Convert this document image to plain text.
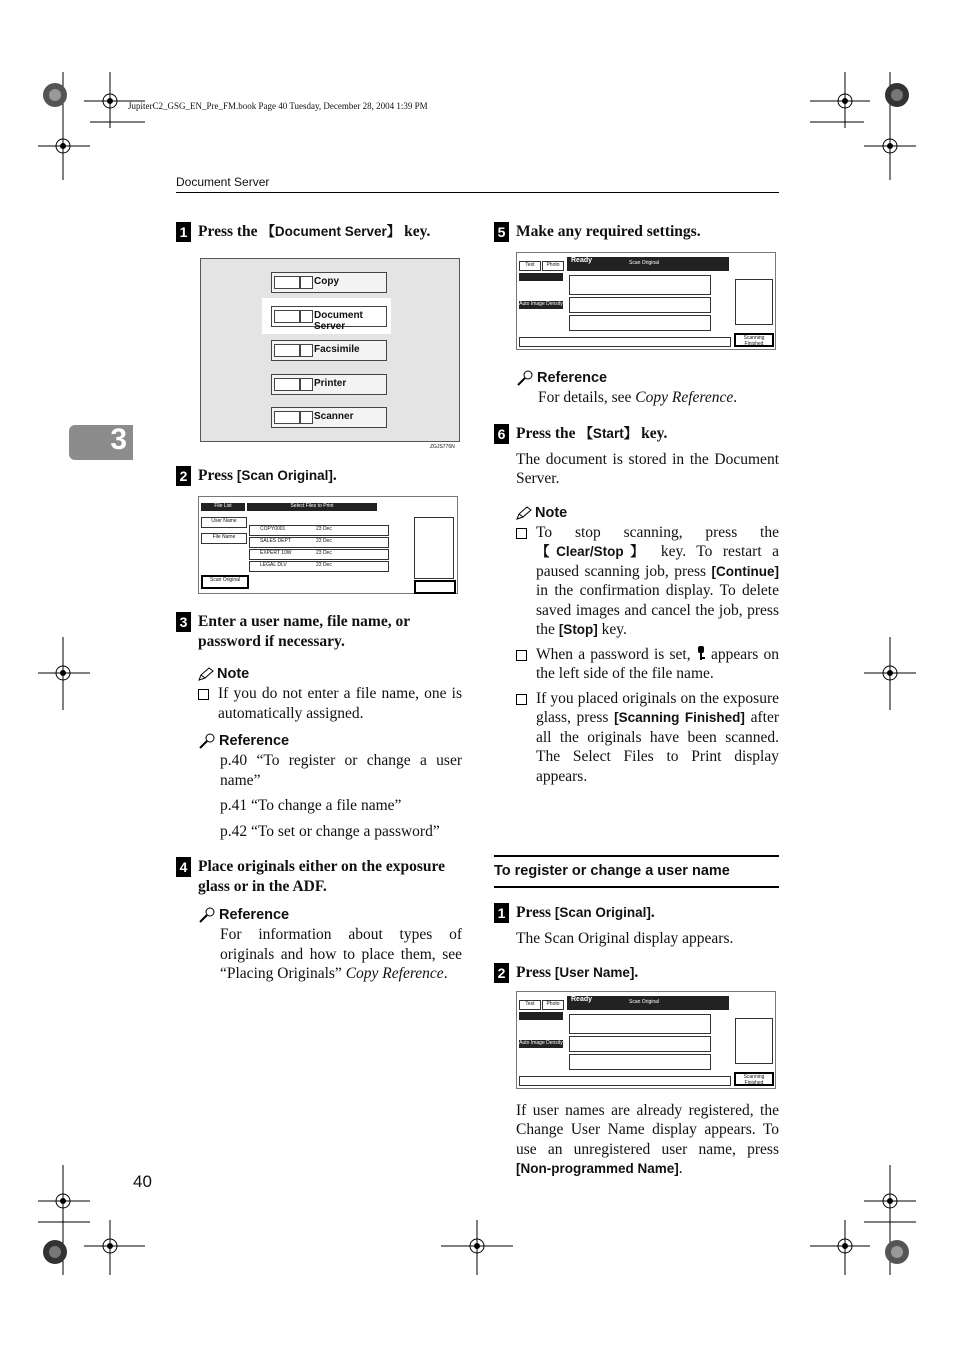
JupiterC2_GSG_EN_Pre_FM.book Page 40 Tuesday, December 28, 2004 1:39 PM
Document Server
3
1 Press the 【Document Server】 key.
Copy
Document Server
Facsimile
Printer
Scanner
ZGJS776N
2 Press [Scan Original].
File List	Select Files to Print
User Name
File Name
Scan Original
COPY0001	23 Dec
SALES DEPT	23 Dec
EXPERT 10W	23 Dec
LEGAL DLV	23 Dec
3 Enter a user name, file name, or password if necessary.
Note
If you do not enter a file name, one is automatically assigned.
Reference
p.40 “To register or change a user name”
p.41 “To change a file name”
p.42 “To set or change a password”
4 Place originals either on the exposure glass or in the ADF.
Reference
For information about types of originals and how to place them, see “Placing Originals” Copy Reference.
5 Make any required settings.
Ready	Scan Original
Text	Photo
Auto Image Density
Scanning Finished
Reference
For details, see Copy Reference.
6 Press the 【Start】 key.
The document is stored in the Document Server.
Note
To stop scanning, press the 【Clear/Stop】 key. To restart a paused scanning job, press [Continue] in the confirmation display. To delete saved images and cancel the job, press the [Stop] key.
When a password is set,  appears on the left side of the file name.
If you placed originals on the exposure glass, press [Scanning Finished] after all the originals have been scanned. The Select Files to Print display appears.
To register or change a user name
1 Press [Scan Original].
The Scan Original display appears.
2 Press [User Name].
Ready	Scan Original
Text	Photo
Auto Image Density
Scanning Finished
If user names are already registered, the Change User Name display appears. To use an unregistered user name, press [Non-programmed Name].
40
